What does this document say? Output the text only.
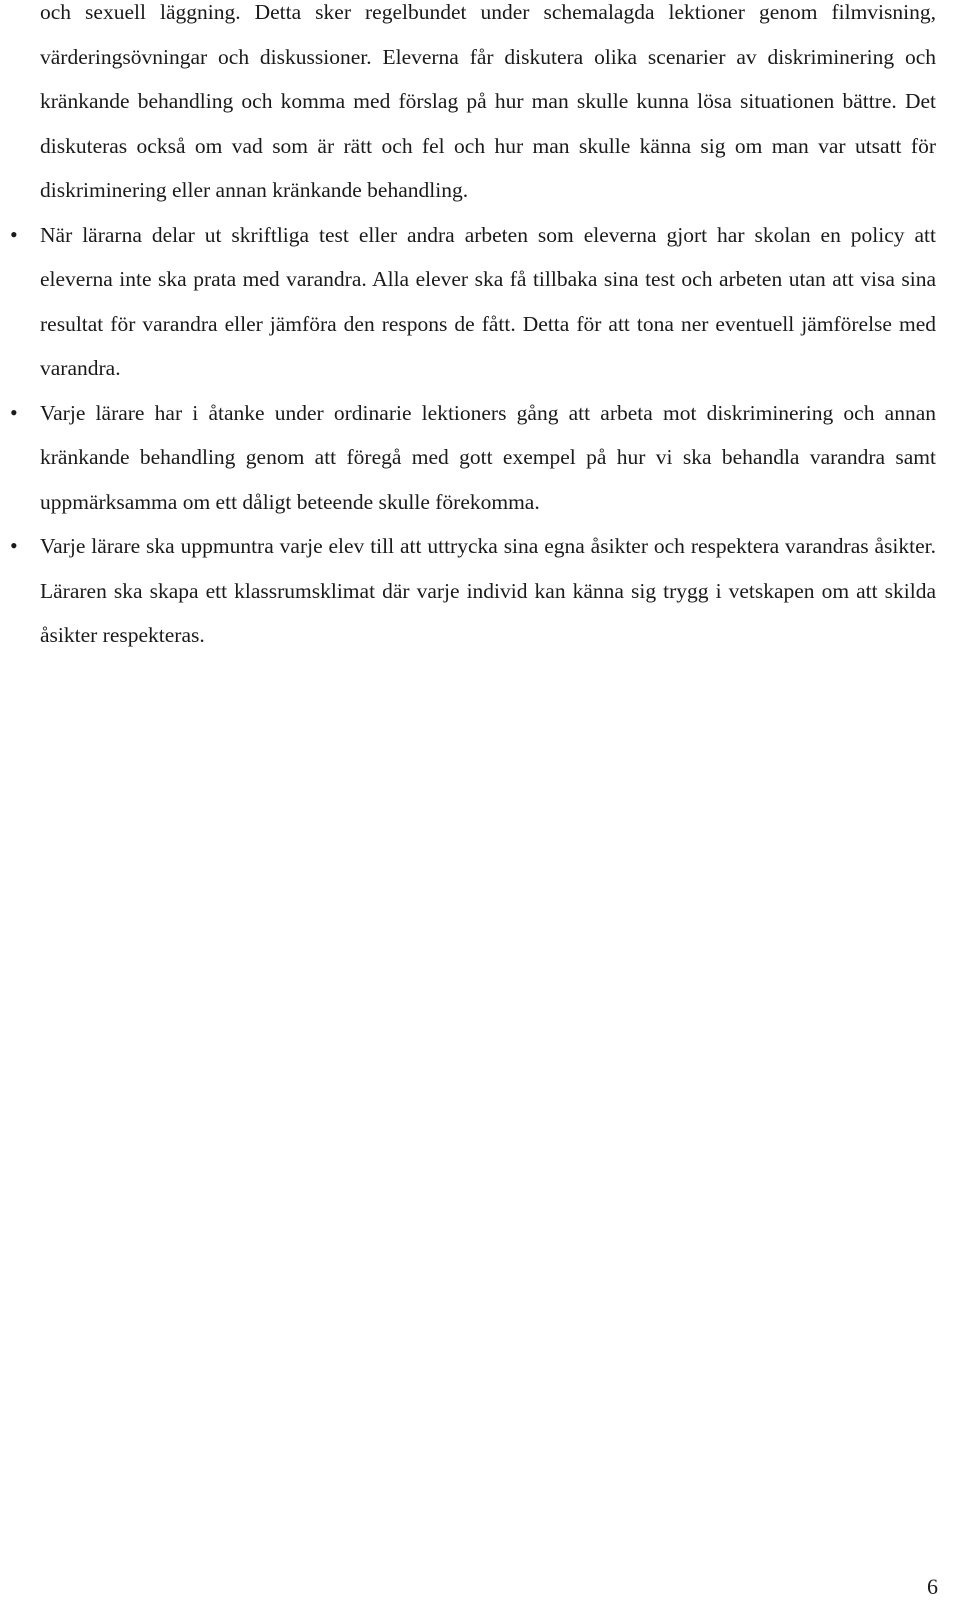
och sexuell läggning. Detta sker regelbundet under schemalagda lektioner genom filmvisning, värderingsövningar och diskussioner. Eleverna får diskutera olika scenarier av diskriminering och kränkande behandling och komma med förslag på hur man skulle kunna lösa situationen bättre. Det diskuteras också om vad som är rätt och fel och hur man skulle känna sig om man var utsatt för diskriminering eller annan kränkande behandling.

• När lärarna delar ut skriftliga test eller andra arbeten som eleverna gjort har skolan en policy att eleverna inte ska prata med varandra. Alla elever ska få tillbaka sina test och arbeten utan att visa sina resultat för varandra eller jämföra den respons de fått. Detta för att tona ner eventuell jämförelse med varandra.
• Varje lärare har i åtanke under ordinarie lektioners gång att arbeta mot diskriminering och annan kränkande behandling genom att föregå med gott exempel på hur vi ska behandla varandra samt uppmärksamma om ett dåligt beteende skulle förekomma.
• Varje lärare ska uppmuntra varje elev till att uttrycka sina egna åsikter och respektera varandras åsikter. Läraren ska skapa ett klassrumsklimat där varje individ kan känna sig trygg i vetskapen om att skilda åsikter respekteras.
6
